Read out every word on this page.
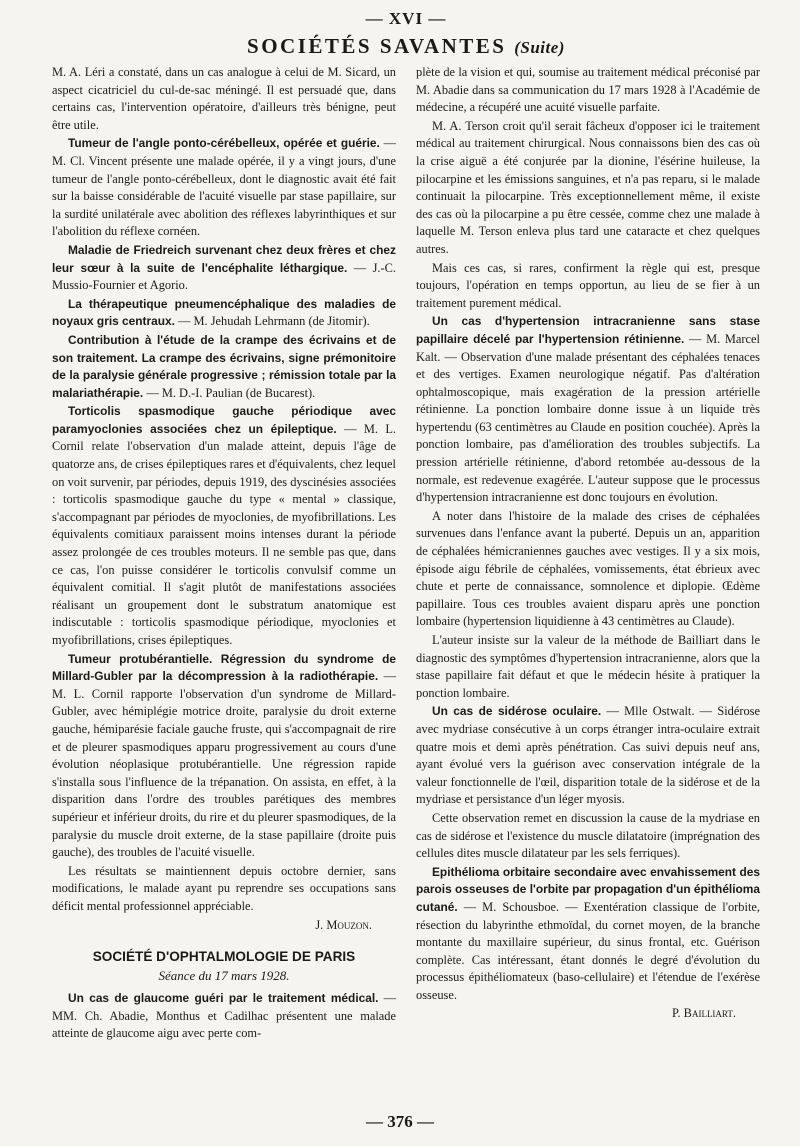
— XVI —
SOCIÉTÉS SAVANTES (Suite)

M. A. Léri a constaté, dans un cas analogue à celui de M. Sicard, un aspect cicatriciel du cul-de-sac méningé. Il est persuadé que, dans certains cas, l'intervention opératoire, d'ailleurs très bénigne, peut être utile.

Tumeur de l'angle ponto-cérébelleux, opérée et guérie. — M. Cl. Vincent présente une malade opérée, il y a vingt jours, d'une tumeur de l'angle ponto-cérébelleux, dont le diagnostic avait été fait sur la baisse considérable de l'acuité visuelle par stase papillaire, sur la surdité unilatérale avec abolition des réflexes labyrinthiques et sur l'abolition du réflexe cornéen.

Maladie de Friedreich survenant chez deux frères et chez leur sœur à la suite de l'encéphalite léthargique. — J.-C. Mussio-Fournier et Agorio.

La thérapeutique pneumencéphalique des maladies de noyaux gris centraux. — M. Jehudah Lehrmann (de Jitomir).

Contribution à l'étude de la crampe des écrivains et de son traitement. La crampe des écrivains, signe prémonitoire de la paralysie générale progressive ; rémission totale par la malariathérapie. — M. D.-I. Paulian (de Bucarest).

Torticolis spasmodique gauche périodique avec paramyoclonies associées chez un épileptique. — M. L. Cornil relate l'observation d'un malade atteint, depuis l'âge de quatorze ans, de crises épileptiques rares et d'équivalents, chez lequel on voit survenir, par périodes, depuis 1919, des dyscinésies associées : torticolis spasmodique gauche du type « mental » classique, s'accompagnant par périodes de myoclonies, de myofibrillations. Les équivalents comitiaux paraissent moins intenses durant la période assez prolongée de ces troubles moteurs. Il ne semble pas que, dans ce cas, l'on puisse considérer le torticolis convulsif comme un équivalent comitial. Il s'agit plutôt de manifestations associées réalisant un groupement dont le substratum anatomique est indiscutable : torticolis spasmodique périodique, myoclonies et myofibrillations, crises épileptiques.

Tumeur protubérantielle. Régression du syndrome de Millard-Gubler par la décompression à la radiothérapie. — M. L. Cornil rapporte l'observation d'un syndrome de Millard-Gubler, avec hémiplégie motrice droite, paralysie du droit externe gauche, hémiparésie faciale gauche fruste, qui s'accompagnait de rire et de pleurer spasmodiques apparu progressivement au cours d'une évolution néoplasique protubérantielle. Une régression rapide s'installa sous l'influence de la trépanation. On assista, en effet, à la disparition dans l'ordre des troubles parétiques des membres supérieur et inférieur droits, du rire et du pleurer spasmodiques, de la paralysie du muscle droit externe, de la stase papillaire (droite puis gauche), des troubles de l'acuité visuelle.

Les résultats se maintiennent depuis octobre dernier, sans modifications, le malade ayant pu reprendre ses occupations sans déficit mental professionnel appréciable.

J. Mouzon.

SOCIÉTÉ D'OPHTALMOLOGIE DE PARIS
Séance du 17 mars 1928.

Un cas de glaucome guéri par le traitement médical. — MM. Ch. Abadie, Monthus et Cadilhac présentent une malade atteinte de glaucome aigu avec perte com-

plète de la vision et qui, soumise au traitement médical préconisé par M. Abadie dans sa communication du 17 mars 1928 à l'Académie de médecine, a récupéré une acuité visuelle parfaite.

M. A. Terson croit qu'il serait fâcheux d'opposer ici le traitement médical au traitement chirurgical. Nous connaissons bien des cas où la crise aiguë a été conjurée par la dionine, l'ésérine huileuse, la pilocarpine et les émissions sanguines, et n'a pas reparu, si le malade continuait la pilocarpine. Très exceptionnellement même, il existe des cas où la pilocarpine a pu être cessée, comme chez une malade à laquelle M. Terson enleva plus tard une cataracte et chez quelques autres.

Mais ces cas, si rares, confirment la règle qui est, presque toujours, l'opération en temps opportun, au lieu de se fier à un traitement purement médical.

Un cas d'hypertension intracranienne sans stase papillaire décelé par l'hypertension rétinienne. — M. Marcel Kalt. — Observation d'une malade présentant des céphalées tenaces et des vertiges. Examen neurologique négatif. Pas d'altération ophtalmoscopique, mais exagération de la pression artérielle rétinienne. La ponction lombaire donne issue à un liquide très hypertendu (63 centimètres au Claude en position couchée). Après la ponction lombaire, pas d'amélioration des troubles subjectifs. La pression artérielle rétinienne, d'abord retombée au-dessous de la normale, est redevenue exagérée. L'auteur suppose que le processus d'hypertension intracranienne est donc toujours en évolution.

A noter dans l'histoire de la malade des crises de céphalées survenues dans l'enfance avant la puberté. Depuis un an, apparition de céphalées hémicraniennes gauches avec vestiges. Il y a six mois, épisode aigu fébrile de céphalées, vomissements, état ébrieux avec chute et perte de connaissance, somnolence et diplopie. Œdème papillaire. Tous ces troubles avaient disparu après une ponction lombaire (hypertension liquidienne à 43 centimètres au Claude).

L'auteur insiste sur la valeur de la méthode de Bailliart dans le diagnostic des symptômes d'hypertension intracranienne, alors que la stase papillaire fait défaut et que le médecin hésite à pratiquer la ponction lombaire.

Un cas de sidérose oculaire. — Mlle Ostwalt. — Sidérose avec mydriase consécutive à un corps étranger intra-oculaire extrait quatre mois et demi après pénétration. Cas suivi depuis neuf ans, ayant évolué vers la guérison avec conservation intégrale de la valeur fonctionnelle de l'œil, disparition totale de la sidérose et de la mydriase et persistance d'un léger myosis.

Cette observation remet en discussion la cause de la mydriase en cas de sidérose et l'existence du muscle dilatatoire (imprégnation des cellules dites muscle dilatateur par les sels ferriques).

Epithélioma orbitaire secondaire avec envahissement des parois osseuses de l'orbite par propagation d'un épithélioma cutané. — M. Schousboe. — Exentération classique de l'orbite, résection du labyrinthe ethmoïdal, du cornet moyen, de la branche montante du maxillaire supérieur, du sinus frontal, etc. Guérison complète. Cas intéressant, étant donnés le degré d'évolution du processus épithéliomateux (baso-cellulaire) et l'étendue de l'exérèse osseuse.

P. Bailliart.

— 376 —
